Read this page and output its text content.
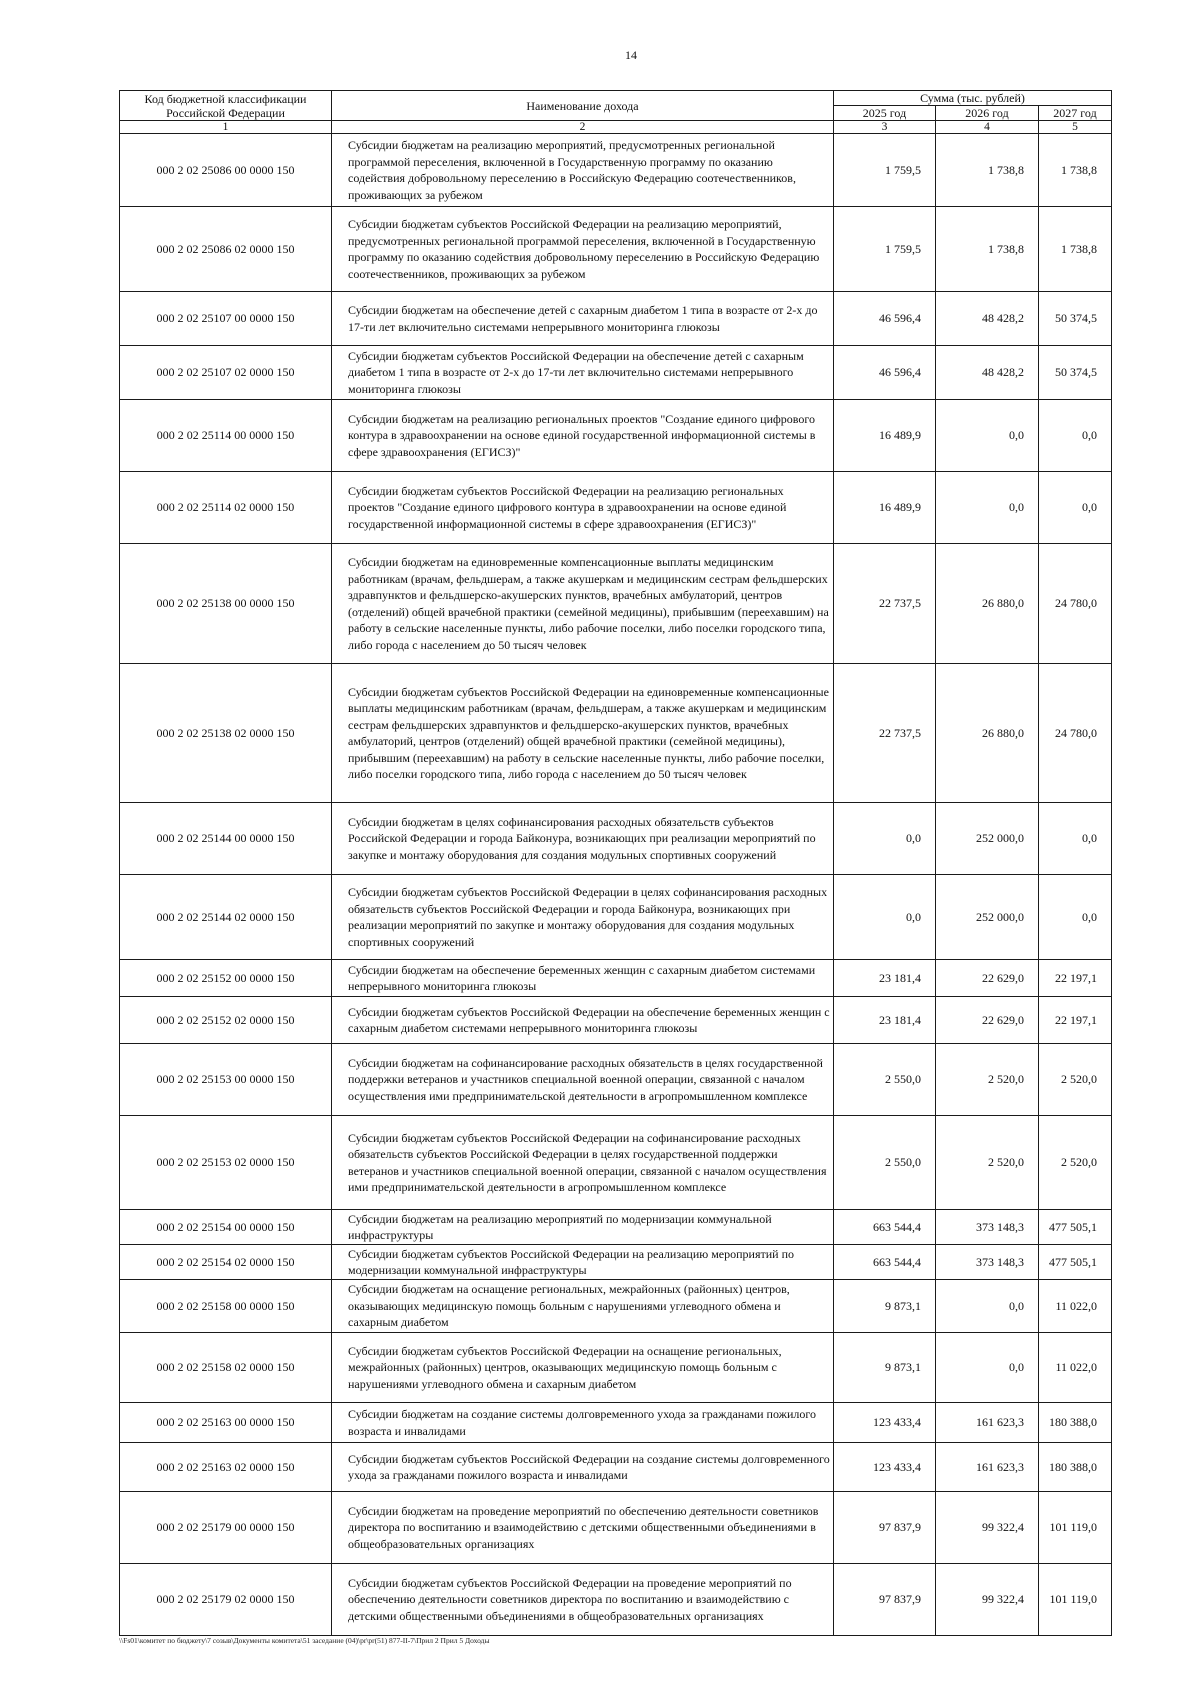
14
Код бюджетной классификации Российской Федерации	Наименование дохода	Сумма (тыс. рублей)		
		2025 год	2026 год	2027 год
1	2	3	4	5
000 2 02 25086 00 0000 150	Субсидии бюджетам на реализацию мероприятий, предусмотренных региональной программой переселения, включенной в Государственную программу по оказанию содействия добровольному переселению в Российскую Федерацию соотечественников, проживающих за рубежом	1 759,5	1 738,8	1 738,8
000 2 02 25086 02 0000 150	Субсидии бюджетам субъектов Российской Федерации на реализацию мероприятий, предусмотренных региональной программой переселения, включенной в Государственную программу по оказанию содействия добровольному переселению в Российскую Федерацию соотечественников, проживающих за рубежом	1 759,5	1 738,8	1 738,8
000 2 02 25107 00 0000 150	Субсидии бюджетам на обеспечение детей с сахарным диабетом 1 типа в возрасте от 2-х до 17-ти лет включительно системами непрерывного мониторинга глюкозы	46 596,4	48 428,2	50 374,5
000 2 02 25107 02 0000 150	Субсидии бюджетам субъектов Российской Федерации на обеспечение детей с сахарным диабетом 1 типа в возрасте от 2-х до 17-ти лет включительно системами непрерывного мониторинга глюкозы	46 596,4	48 428,2	50 374,5
000 2 02 25114 00 0000 150	Субсидии бюджетам на реализацию региональных проектов "Создание единого цифрового контура в здравоохранении на основе единой государственной информационной системы в сфере здравоохранения (ЕГИСЗ)"	16 489,9	0,0	0,0
000 2 02 25114 02 0000 150	Субсидии бюджетам субъектов Российской Федерации на реализацию региональных проектов "Создание единого цифрового контура в здравоохранении на основе единой государственной информационной системы в сфере здравоохранения (ЕГИСЗ)"	16 489,9	0,0	0,0
000 2 02 25138 00 0000 150	Субсидии бюджетам на единовременные компенсационные выплаты медицинским работникам (врачам, фельдшерам, а также акушеркам и медицинским сестрам фельдшерских здравпунктов и фельдшерско-акушерских пунктов, врачебных амбулаторий, центров (отделений) общей врачебной практики (семейной медицины), прибывшим (переехавшим) на работу в сельские населенные пункты, либо рабочие поселки, либо поселки городского типа, либо города с населением до 50 тысяч человек	22 737,5	26 880,0	24 780,0
000 2 02 25138 02 0000 150	Субсидии бюджетам субъектов Российской Федерации на единовременные компенсационные выплаты медицинским работникам (врачам, фельдшерам, а также акушеркам и медицинским сестрам фельдшерских здравпунктов и фельдшерско-акушерских пунктов, врачебных амбулаторий, центров (отделений) общей врачебной практики (семейной медицины), прибывшим (переехавшим) на работу в сельские населенные пункты, либо рабочие поселки, либо поселки городского типа, либо города с населением до 50 тысяч человек	22 737,5	26 880,0	24 780,0
000 2 02 25144 00 0000 150	Субсидии бюджетам в целях софинансирования расходных обязательств субъектов Российской Федерации и города Байконура, возникающих при реализации мероприятий по закупке и монтажу оборудования для создания модульных спортивных сооружений	0,0	252 000,0	0,0
000 2 02 25144 02 0000 150	Субсидии бюджетам субъектов Российской Федерации в целях софинансирования расходных обязательств субъектов Российской Федерации и города Байконура, возникающих при реализации мероприятий по закупке и монтажу оборудования для создания модульных спортивных сооружений	0,0	252 000,0	0,0
000 2 02 25152 00 0000 150	Субсидии бюджетам на обеспечение беременных женщин с сахарным диабетом системами непрерывного мониторинга глюкозы	23 181,4	22 629,0	22 197,1
000 2 02 25152 02 0000 150	Субсидии бюджетам субъектов Российской Федерации на обеспечение беременных женщин с сахарным диабетом системами непрерывного мониторинга глюкозы	23 181,4	22 629,0	22 197,1
000 2 02 25153 00 0000 150	Субсидии бюджетам на софинансирование расходных обязательств в целях государственной поддержки ветеранов и участников специальной военной операции, связанной с началом осуществления ими предпринимательской деятельности в агропромышленном комплексе	2 550,0	2 520,0	2 520,0
000 2 02 25153 02 0000 150	Субсидии бюджетам субъектов Российской Федерации на софинансирование расходных обязательств субъектов Российской Федерации в целях государственной поддержки ветеранов и участников специальной военной операции, связанной с началом осуществления ими предпринимательской деятельности в агропромышленном комплексе	2 550,0	2 520,0	2 520,0
000 2 02 25154 00 0000 150	Субсидии бюджетам на реализацию мероприятий по модернизации коммунальной инфраструктуры	663 544,4	373 148,3	477 505,1
000 2 02 25154 02 0000 150	Субсидии бюджетам субъектов Российской Федерации на реализацию мероприятий по модернизации коммунальной инфраструктуры	663 544,4	373 148,3	477 505,1
000 2 02 25158 00 0000 150	Субсидии бюджетам на оснащение региональных, межрайонных (районных) центров, оказывающих медицинскую помощь больным с нарушениями углеводного обмена и сахарным диабетом	9 873,1	0,0	11 022,0
000 2 02 25158 02 0000 150	Субсидии бюджетам субъектов Российской Федерации на оснащение региональных, межрайонных (районных) центров, оказывающих медицинскую помощь больным с нарушениями углеводного обмена и сахарным диабетом	9 873,1	0,0	11 022,0
000 2 02 25163 00 0000 150	Субсидии бюджетам на создание системы долговременного ухода за гражданами пожилого возраста и инвалидами	123 433,4	161 623,3	180 388,0
000 2 02 25163 02 0000 150	Субсидии бюджетам субъектов Российской Федерации на создание системы долговременного ухода за гражданами пожилого возраста и инвалидами	123 433,4	161 623,3	180 388,0
000 2 02 25179 00 0000 150	Субсидии бюджетам на проведение мероприятий по обеспечению деятельности советников директора по воспитанию и взаимодействию с детскими общественными объединениями в общеобразовательных организациях	97 837,9	99 322,4	101 119,0
000 2 02 25179 02 0000 150	Субсидии бюджетам субъектов Российской Федерации на проведение мероприятий по обеспечению деятельности советников директора по воспитанию и взаимодействию с детскими общественными объединениями в общеобразовательных организациях	97 837,9	99 322,4	101 119,0
\\Fs01\комитет по бюджету\7 созыв\Документы комитета\51 заседание (04)\pr\pr(51) 877-II-7\Прил 2 Прил 5 Доходы
